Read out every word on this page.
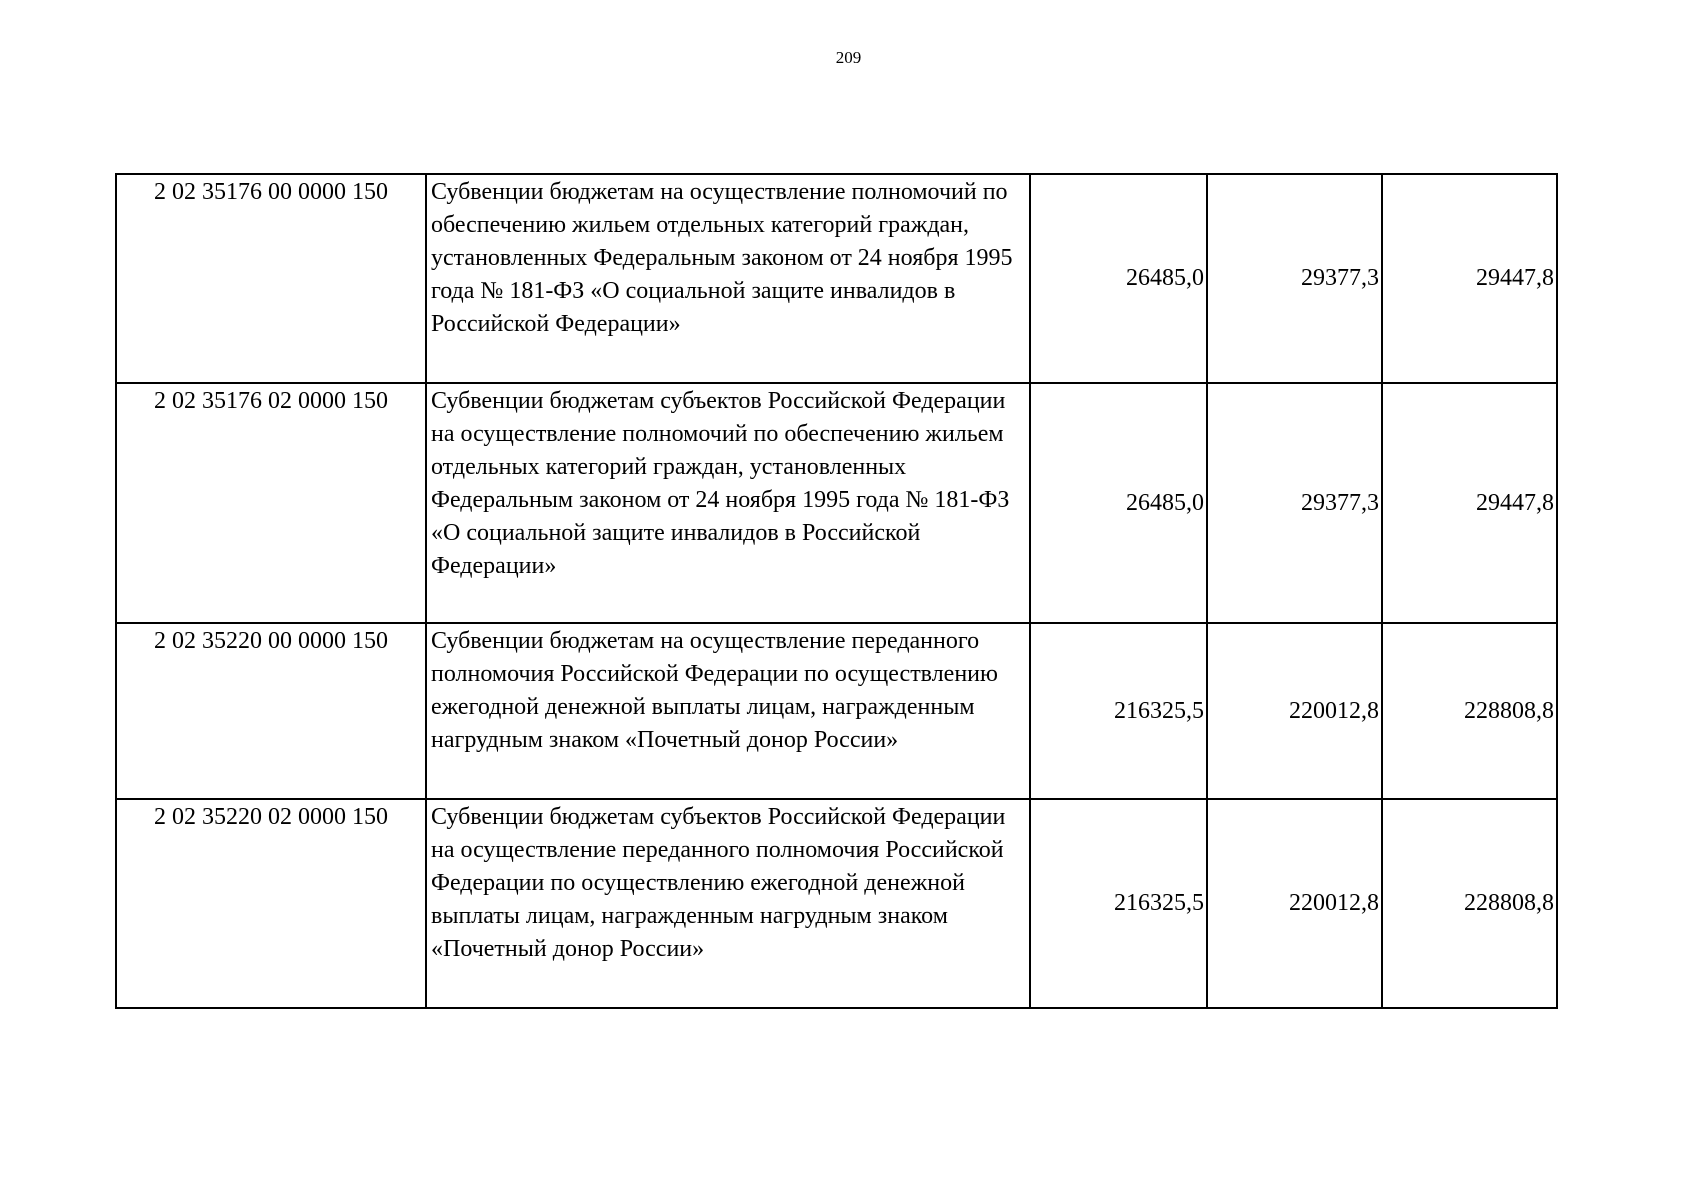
209
2 02 35176 00 0000 150	Субвенции бюджетам на осуществление полномочий по обеспечению жильем отдельных категорий граждан, установленных Федеральным законом от 24 ноября 1995 года № 181-ФЗ «О социальной защите инвалидов в Российской Федерации»	26485,0	29377,3	29447,8
2 02 35176 02 0000 150	Субвенции бюджетам субъектов Российской Федерации на осуществление полномочий по обеспечению жильем отдельных категорий граждан, установленных Федеральным законом от 24 ноября 1995 года № 181-ФЗ «О социальной защите инвалидов в Российской Федерации»	26485,0	29377,3	29447,8
2 02 35220 00 0000 150	Субвенции бюджетам на осуществление переданного полномочия Российской Федерации по осуществлению ежегодной денежной выплаты лицам, награжденным нагрудным знаком «Почетный донор России»	216325,5	220012,8	228808,8
2 02 35220 02 0000 150	Субвенции бюджетам субъектов Российской Федерации на осуществление переданного полномочия Российской Федерации по осуществлению ежегодной денежной выплаты лицам, награжденным нагрудным знаком «Почетный донор России»	216325,5	220012,8	228808,8
